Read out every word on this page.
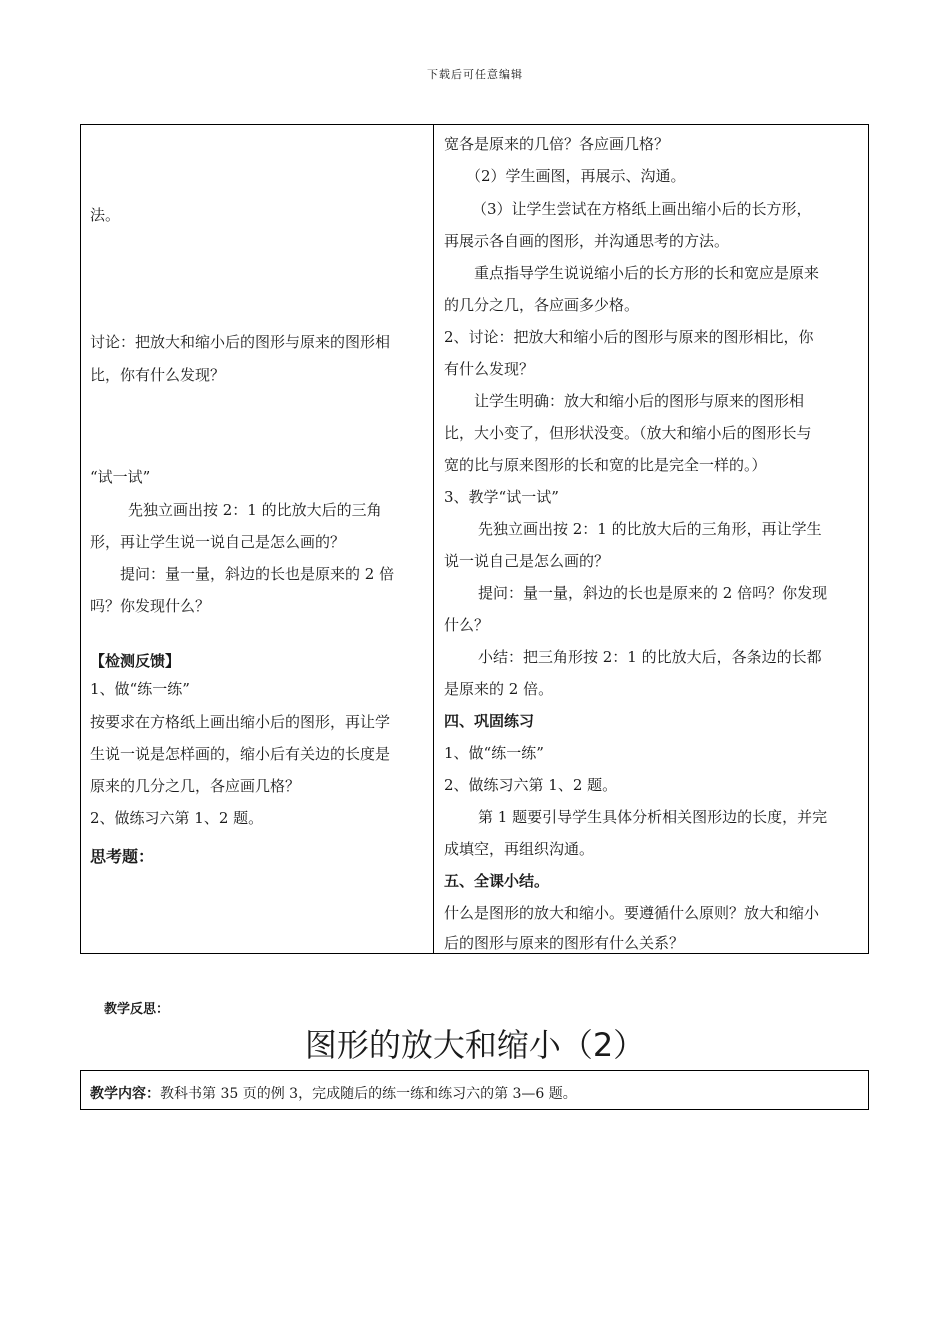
下载后可任意编辑
法。
讨论：把放大和缩小后的图形与原来的图形相
比，你有什么发现？
“试一试”
先独立画出按 2：1 的比放大后的三角
形，再让学生说一说自己是怎么画的？
提问：量一量，斜边的长也是原来的 2 倍
吗？你发现什么？
【检测反馈】
1、做“练一练”
按要求在方格纸上画出缩小后的图形，再让学
生说一说是怎样画的，缩小后有关边的长度是
原来的几分之几，各应画几格？
2、做练习六第 1、2 题。
思考题：
宽各是原来的几倍？各应画几格？
（2）学生画图，再展示、沟通。
（3）让学生尝试在方格纸上画出缩小后的长方形，
再展示各自画的图形，并沟通思考的方法。
重点指导学生说说缩小后的长方形的长和宽应是原来
的几分之几，各应画多少格。
2、讨论：把放大和缩小后的图形与原来的图形相比，你
有什么发现？
让学生明确：放大和缩小后的图形与原来的图形相
比，大小变了，但形状没变。（放大和缩小后的图形长与
宽的比与原来图形的长和宽的比是完全一样的。）
3、教学“试一试”
先独立画出按 2：1 的比放大后的三角形，再让学生
说一说自己是怎么画的？
提问：量一量，斜边的长也是原来的 2 倍吗？你发现
什么？
小结：把三角形按 2：1 的比放大后，各条边的长都
是原来的 2 倍。
四、巩固练习
1、做“练一练”
2、做练习六第 1、2 题。
第 1 题要引导学生具体分析相关图形边的长度，并完
成填空，再组织沟通。
五、全课小结。
什么是图形的放大和缩小。要遵循什么原则？放大和缩小
后的图形与原来的图形有什么关系？
教学反思：
图形的放大和缩小（2）
教学内容：教科书第 35 页的例 3，完成随后的练一练和练习六的第 3—6 题。
